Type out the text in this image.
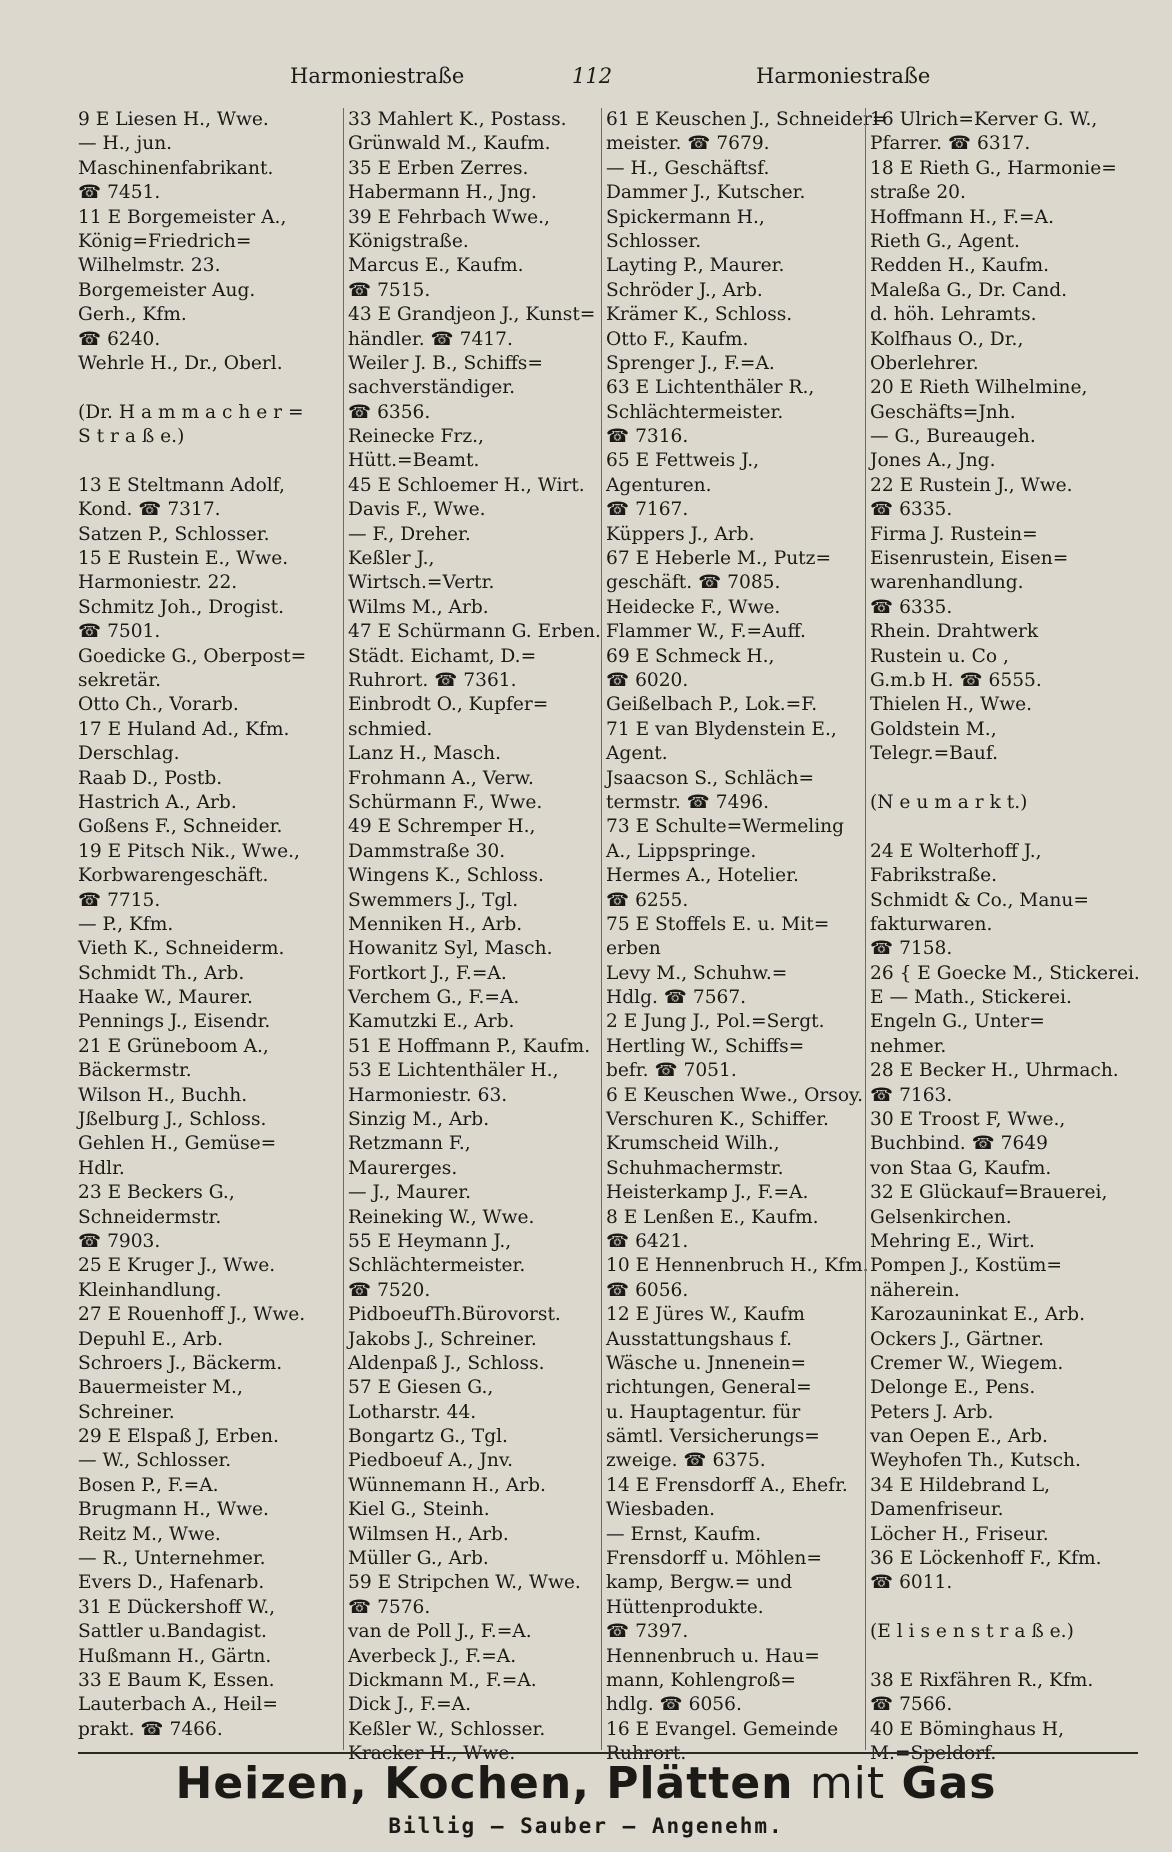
Harmoniestraße	112	Harmoniestraße
9 E Liesen H., Wwe.
— H., jun.
Maschinenfabrikant.
☎ 7451.
11 E Borgemeister A.,
König=Friedrich=
Wilhelmstr. 23.
Borgemeister Aug.
Gerh., Kfm.
☎ 6240.
Wehrle H., Dr., Oberl.
(Dr. H a m m a c h e r =
S t r a ß e.)
13 E Steltmann Adolf,
Kond. ☎ 7317.
Satzen P., Schlosser.
15 E Rustein E., Wwe.
Harmoniestr. 22.
Schmitz Joh., Drogist.
☎ 7501.
Goedicke G., Oberpost=
sekretär.
Otto Ch., Vorarb.
17 E Huland Ad., Kfm.
Derschlag.
Raab D., Postb.
Hastrich A., Arb.
Goßens F., Schneider.
19 E Pitsch Nik., Wwe.,
Korbwarengeschäft.
☎ 7715.
— P., Kfm.
Vieth K., Schneiderm.
Schmidt Th., Arb.
Haake W., Maurer.
Pennings J., Eisendr.
21 E Grüneboom A.,
Bäckermstr.
Wilson H., Buchh.
Jßelburg J., Schloss.
Gehlen H., Gemüse=
Hdlr.
23 E Beckers G.,
Schneidermstr.
☎ 7903.
25 E Kruger J., Wwe.
Kleinhandlung.
27 E Rouenhoff J., Wwe.
Depuhl E., Arb.
Schroers J., Bäckerm.
Bauermeister M.,
Schreiner.
29 E Elspaß J, Erben.
— W., Schlosser.
Bosen P., F.=A.
Brugmann H., Wwe.
Reitz M., Wwe.
— R., Unternehmer.
Evers D., Hafenarb.
31 E Dückershoff W.,
Sattler u.Bandagist.
Hußmann H., Gärtn.
33 E Baum K, Essen.
Lauterbach A., Heil=
prakt. ☎ 7466.
33 Mahlert K., Postass.
Grünwald M., Kaufm.
35 E Erben Zerres.
Habermann H., Jng.
39 E Fehrbach Wwe.,
Königstraße.
Marcus E., Kaufm.
☎ 7515.
43 E Grandjeon J., Kunst=
händler. ☎ 7417.
Weiler J. B., Schiffs=
sachverständiger.
☎ 6356.
Reinecke Frz.,
Hütt.=Beamt.
45 E Schloemer H., Wirt.
Davis F., Wwe.
— F., Dreher.
Keßler J.,
Wirtsch.=Vertr.
Wilms M., Arb.
47 E Schürmann G. Erben.
Städt. Eichamt, D.=
Ruhrort. ☎ 7361.
Einbrodt O., Kupfer=
schmied.
Lanz H., Masch.
Frohmann A., Verw.
Schürmann F., Wwe.
49 E Schremper H.,
Dammstraße 30.
Wingens K., Schloss.
Swemmers J., Tgl.
Menniken H., Arb.
Howanitz Syl, Masch.
Fortkort J., F.=A.
Verchem G., F.=A.
Kamutzki E., Arb.
51 E Hoffmann P., Kaufm.
53 E Lichtenthäler H.,
Harmoniestr. 63.
Sinzig M., Arb.
Retzmann F.,
Maurerges.
— J., Maurer.
Reineking W., Wwe.
55 E Heymann J.,
Schlächtermeister.
☎ 7520.
PidboeufTh.Bürovorst.
Jakobs J., Schreiner.
Aldenpaß J., Schloss.
57 E Giesen G.,
Lotharstr. 44.
Bongartz G., Tgl.
Piedboeuf A., Jnv.
Wünnemann H., Arb.
Kiel G., Steinh.
Wilmsen H., Arb.
Müller G., Arb.
59 E Stripchen W., Wwe.
☎ 7576.
van de Poll J., F.=A.
Averbeck J., F.=A.
Dickmann M., F.=A.
Dick J., F.=A.
Keßler W., Schlosser.
61 E Keuschen J., Schneider=
meister. ☎ 7679.
— H., Geschäftsf.
Dammer J., Kutscher.
Spickermann H.,
Schlosser.
Layting P., Maurer.
Schröder J., Arb.
Krämer K., Schloss.
Otto F., Kaufm.
Sprenger J., F.=A.
63 E Lichtenthäler R.,
Schlächtermeister.
☎ 7316.
65 E Fettweis J.,
Agenturen.
☎ 7167.
Küppers J., Arb.
67 E Heberle M., Putz=
geschäft. ☎ 7085.
Heidecke F., Wwe.
Flammer W., F.=Auff.
69 E Schmeck H.,
☎ 6020.
Geißelbach P., Lok.=F.
71 E van Blydenstein E.,
Agent.
Jsaacson S., Schläch=
termstr. ☎ 7496.
73 E Schulte=Wermeling
A., Lippspringe.
Hermes A., Hotelier.
☎ 6255.
75 E Stoffels E. u. Mit=
erben
Levy M., Schuhw.=
Hdlg. ☎ 7567.
2 E Jung J., Pol.=Sergt.
Hertling W., Schiffs=
befr. ☎ 7051.
6 E Keuschen Wwe., Orsoy.
Verschuren K., Schiffer.
Krumscheid Wilh.,
Schuhmachermstr.
Heisterkamp J., F.=A.
8 E Lenßen E., Kaufm.
☎ 6421.
10 E Hennenbruch H., Kfm.
☎ 6056.
12 E Jüres W., Kaufm
Ausstattungshaus f.
Wäsche u. Jnnenein=
richtungen, General=
u. Hauptagentur. für
sämtl. Versicherungs=
zweige. ☎ 6375.
14 E Frensdorff A., Ehefr.
Wiesbaden.
— Ernst, Kaufm.
Frensdorff u. Möhlen=
kamp, Bergw.= und
Hüttenprodukte.
☎ 7397.
Hennenbruch u. Hau=
mann, Kohlengroß=
hdlg. ☎ 6056.
16 E Evangel. Gemeinde
16 Ulrich=Kerver G. W.,
Pfarrer. ☎ 6317.
18 E Rieth G., Harmonie=
straße 20.
Hoffmann H., F.=A.
Rieth G., Agent.
Redden H., Kaufm.
Maleßa G., Dr. Cand.
d. höh. Lehramts.
Kolfhaus O., Dr.,
Oberlehrer.
20 E Rieth Wilhelmine,
Geschäfts=Jnh.
— G., Bureaugeh.
Jones A., Jng.
22 E Rustein J., Wwe.
☎ 6335.
Firma J. Rustein=
Eisenrustein, Eisen=
warenhandlung.
☎ 6335.
Rhein. Drahtwerk
Rustein u. Co ,
G.m.b H. ☎ 6555.
Thielen H., Wwe.
Goldstein M.,
Telegr.=Bauf.
(N e u m a r k t.)
24 E Wolterhoff J.,
Fabrikstraße.
Schmidt & Co., Manu=
fakturwaren.
☎ 7158.
26 { E Goecke M., Stickerei.
E — Math., Stickerei.
Engeln G., Unter=
nehmer.
28 E Becker H., Uhrmach.
☎ 7163.
30 E Troost F, Wwe.,
Buchbind. ☎ 7649
von Staa G, Kaufm.
32 E Glückauf=Brauerei,
Gelsenkirchen.
Mehring E., Wirt.
Pompen J., Kostüm=
näherein.
Karozauninkat E., Arb.
Ockers J., Gärtner.
Cremer W., Wiegem.
Delonge E., Pens.
Peters J. Arb.
van Oepen E., Arb.
Weyhofen Th., Kutsch.
34 E Hildebrand L,
Damenfriseur.
Löcher H., Friseur.
36 E Löckenhoff F., Kfm.
☎ 6011.
(E l i s e n s t r a ß e.)
38 E Rixfähren R., Kfm.
☎ 7566.
40 E Böminghaus H,
Heizen, Kochen, Plätten mit Gas
Billig — Sauber — Angenehm.
